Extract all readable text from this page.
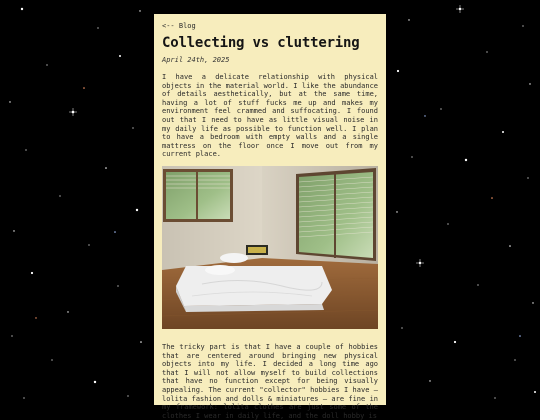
<-- Blog
Collecting vs cluttering
April 24th, 2025

I have a delicate relationship with physical objects in the material world. I like the abundance of details aesthetically, but at the same time, having a lot of stuff fucks me up and makes my environment feel crammed and suffocating. I found out that I need to have as little visual noise in my daily life as possible to function well. I plan to have a bedroom with empty walls and a single mattress on the floor once I move out from my current place.

The tricky part is that I have a couple of hobbies that are centered around bringing new physical objects into my life. I decided a long time ago that I will not allow myself to build collections that have no function except for being visually appealing. The current "collector" hobbies I have — lolita fashion and dolls & miniatures — are fine in my framework: lolita clothes are just some of the clothes I wear in daily life, and the doll hobby is
